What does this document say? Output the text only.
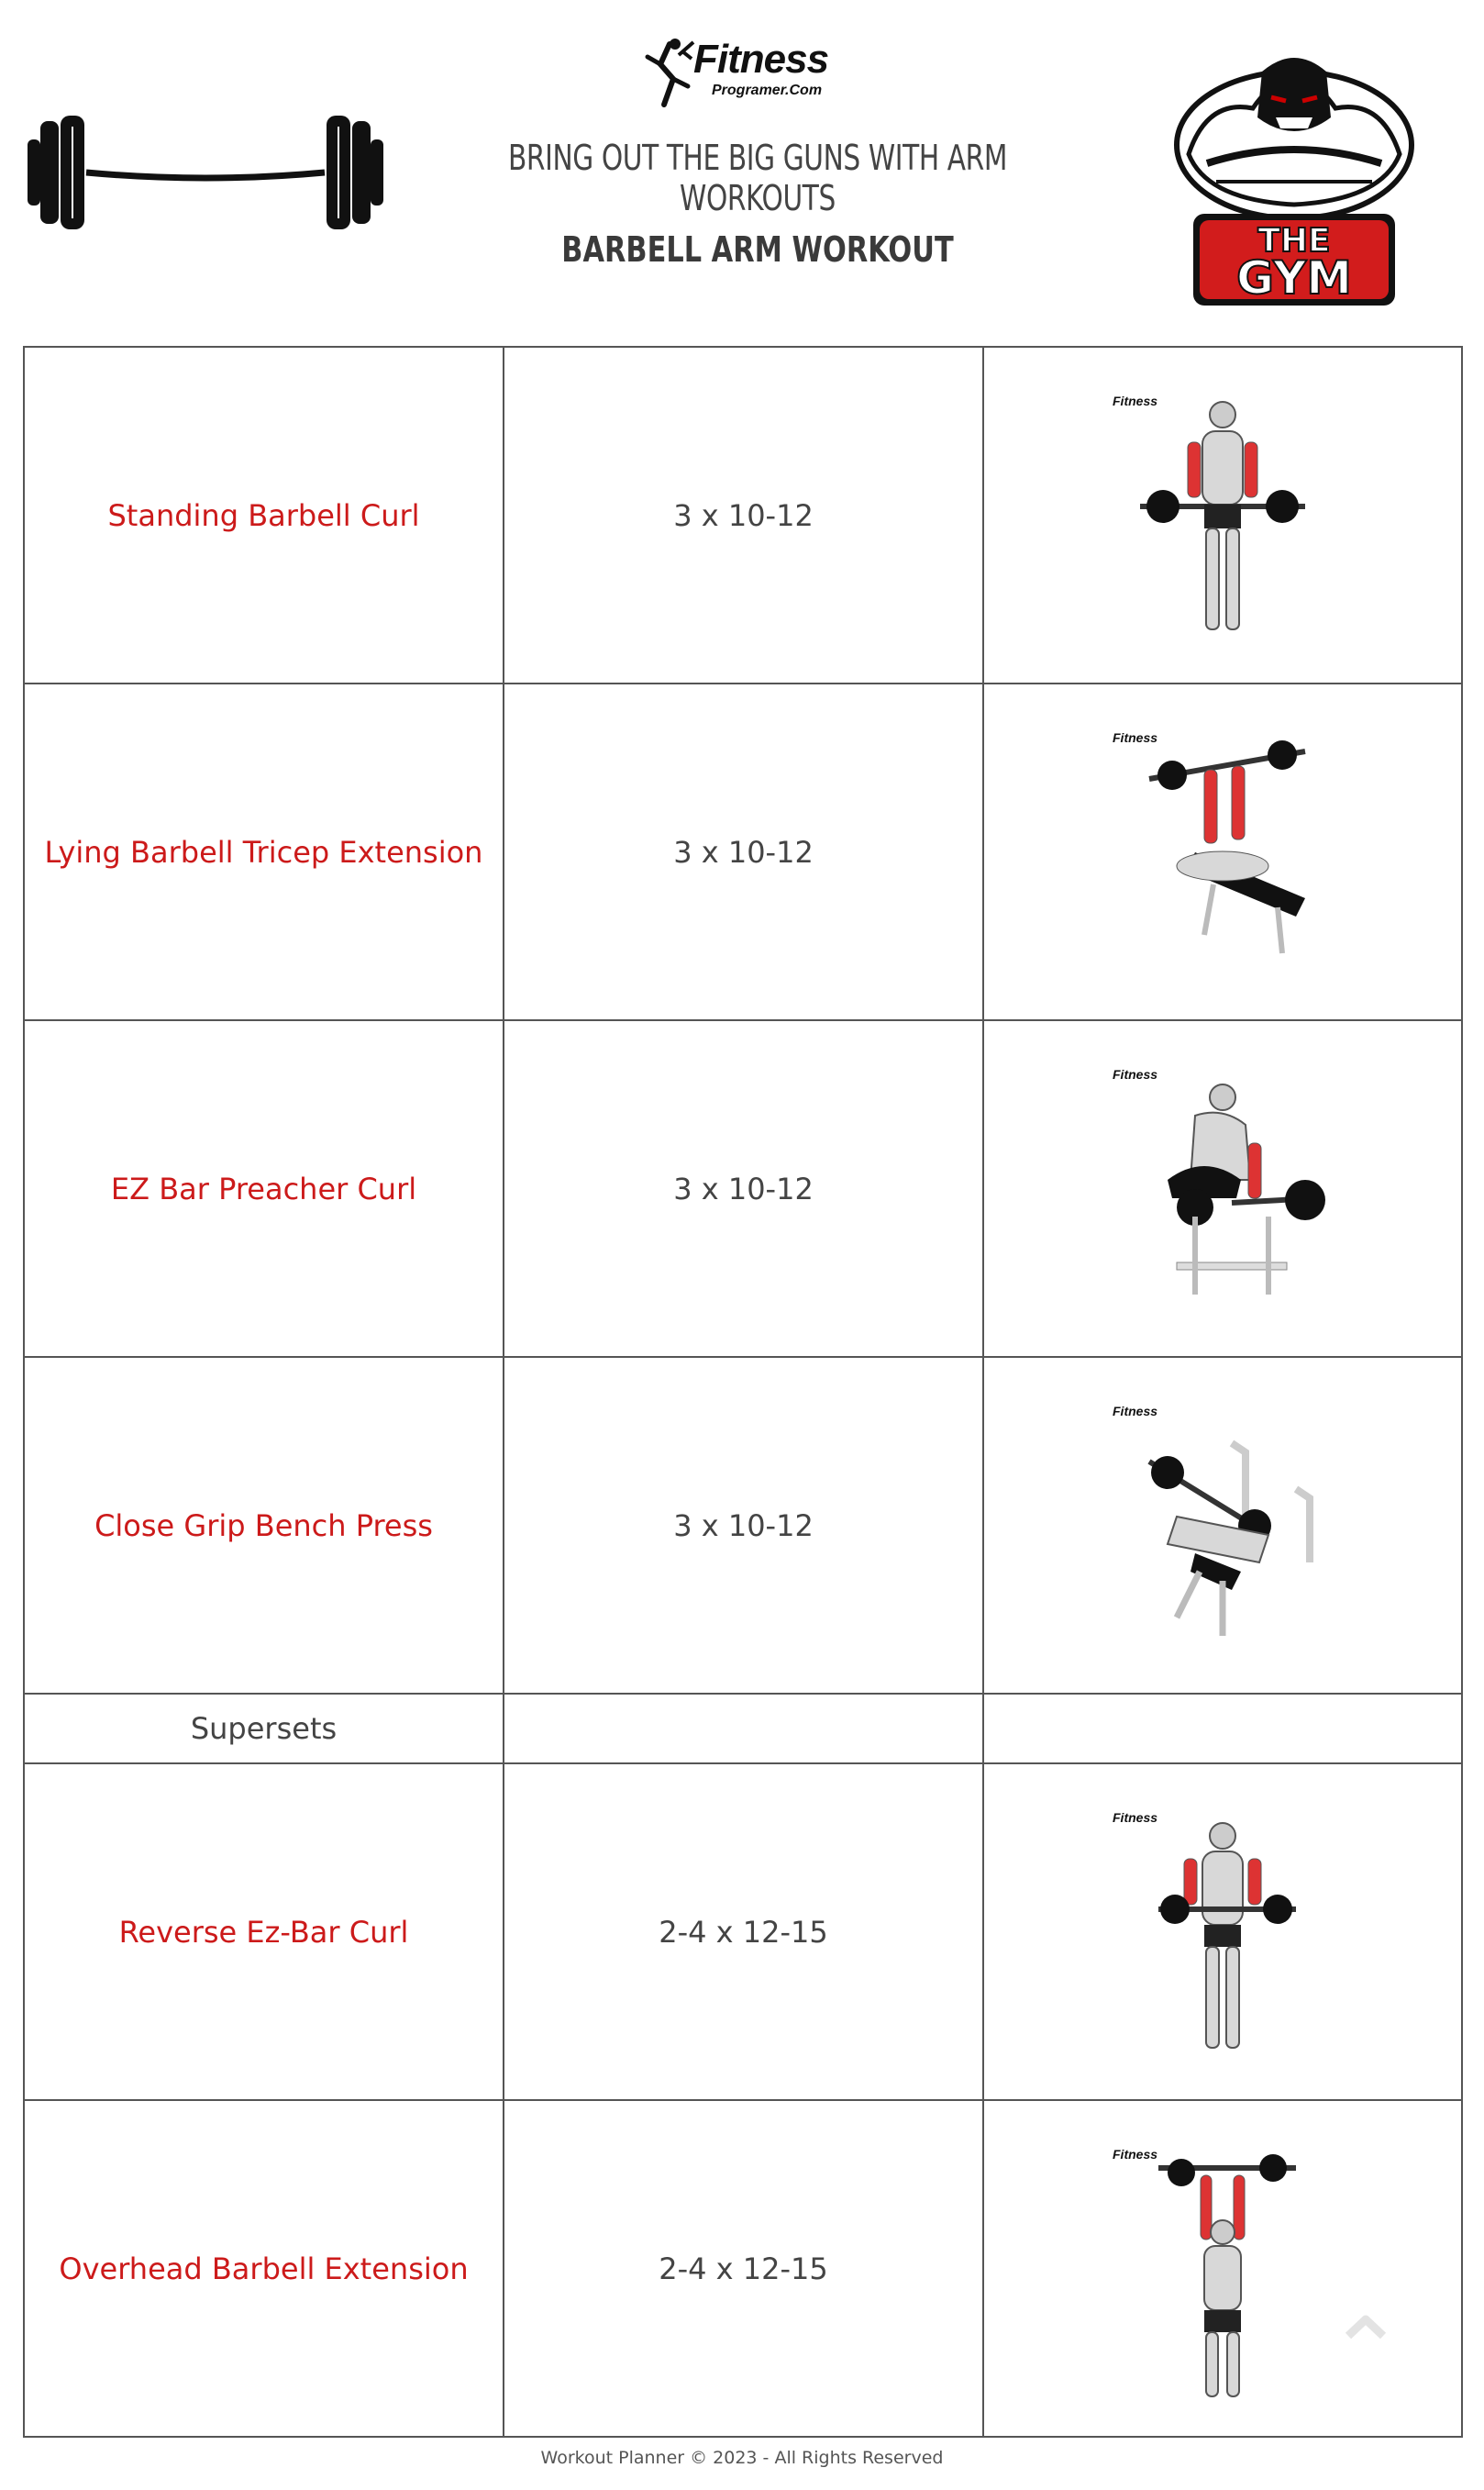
Fitness
Programer.Com
BRING OUT THE BIG GUNS WITH ARM WORKOUTS
BARBELL ARM WORKOUT	THE
GYM
Standing Barbell Curl	3 x 10-12	Fitness

Lying Barbell Tricep Extension	3 x 10-12	Fitness

EZ Bar Preacher Curl	3 x 10-12	Fitness

Close Grip Bench Press	3 x 10-12	Fitness

Supersets		
Reverse Ez-Bar Curl	2-4 x 12-15	Fitness

Overhead Barbell Extension	2-4 x 12-15	Fitness
Workout Planner © 2023 - All Rights Reserved
